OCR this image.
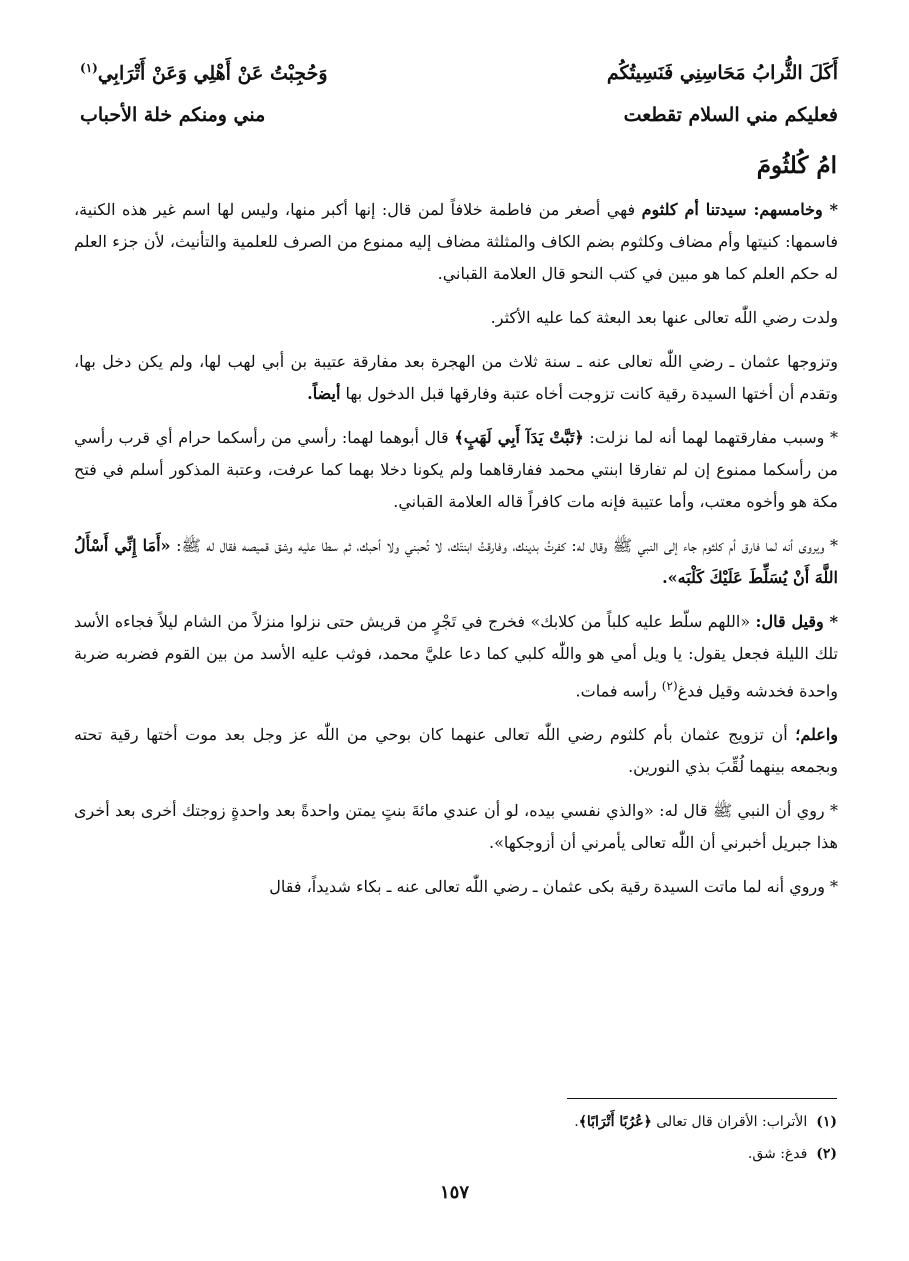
أَكَلَ الثُّرابُ مَحَاسِنِي فَنَسِيتُكُم
وَحُجِبْتُ عَنْ أَهْلِي وَعَنْ أَتْرَابِي$^{(١)}$
فعليكم مني السلام تقطعت
مني ومنكم خلة الأحباب
امُ كُلثُومَ

* وخامسهم: سيدتنا أم كلثوم فهي أصغر من فاطمة خلافاً لمن قال: إنها أكبر منها، وليس لها اسم غير هذه الكنية، فاسمها: كنيتها وأم مضاف وكلثوم بضم الكاف والمثلثة مضاف إليه ممنوع من الصرف للعلمية والتأنيث، لأن جزء العلم له حكم العلم كما هو مبين في كتب النحو قال العلامة القباني.

ولدت رضي اللّٰه تعالى عنها بعد البعثة كما عليه الأكثر.

وتزوجها عثمان ـ رضي اللّٰه تعالى عنه ـ سنة ثلاث من الهجرة بعد مفارقة عتيبة بن أبي لهب لها، ولم يكن دخل بها، وتقدم أن أختها السيدة رقية كانت تزوجت أخاه عتبة وفارقها قبل الدخول بها أيضاً.

* وسبب مفارقتهما لهما أنه لما نزلت: ﴿تَبَّتْ يَدَآ أَبِي لَهَبٍ﴾ قال أبوهما لهما: رأسي من رأسكما حرام أي قرب رأسي من رأسكما ممنوع إن لم تفارقا ابنتي محمد ففارقاهما ولم يكونا دخلا بهما كما عرفت، وعتبة المذكور أسلم في فتح مكة هو وأخوه معتب، وأما عتيبة فإنه مات كافراً قاله العلامة القباني.

* ويروى أنه لما فارق أم كلثوم جاء إلى النبي ﷺ وقال له: كفرتُ بدينك، وفارقتُ ابنتَك، لا تُحبني ولا أحبك، ثم سطا عليه وشق قميصه فقال له ﷺ: «أَمَا إِنِّي أَسْأَلُ اللَّهَ أَنْ يُسَلِّطَ عَلَيْكَ كَلْبَه».

* وقيل قال: «اللهم سلّط عليه كلباً من كلابك» فخرج في تَجْرٍ من قريش حتى نزلوا منزلاً من الشام ليلاً فجاءه الأسد تلك الليلة فجعل يقول: يا ويل أمي هو واللّٰه كلبي كما دعا عليَّ محمد، فوثب عليه الأسد من بين القوم فضربه ضربة واحدة فخدشه وقيل فدغ$^{(٢)}$ رأسه فمات.

واعلم؛ أن تزويج عثمان بأم كلثوم رضي اللّٰه تعالى عنهما كان بوحي من اللّٰه عز وجل بعد موت أختها رقية تحته وبجمعه بينهما لُقِّبَ بذي النورين.

* روي أن النبي ﷺ قال له: «والذي نفسي بيده، لو أن عندي مائةَ بنتٍ يمتن واحدةً بعد واحدةٍ زوجتك أخرى بعد أخرى هذا جبريل أخبرني أن اللّٰه تعالى يأمرني أن أزوجكها».

* وروي أنه لما ماتت السيدة رقية بكى عثمان ـ رضي اللّٰه تعالى عنه ـ بكاء شديداً، فقال

(١)  الأتراب: الأقران قال تعالى ﴿عُرُبًا أَتْرَابًا﴾.
(٢)  فدغ: شق.
١٥٧
